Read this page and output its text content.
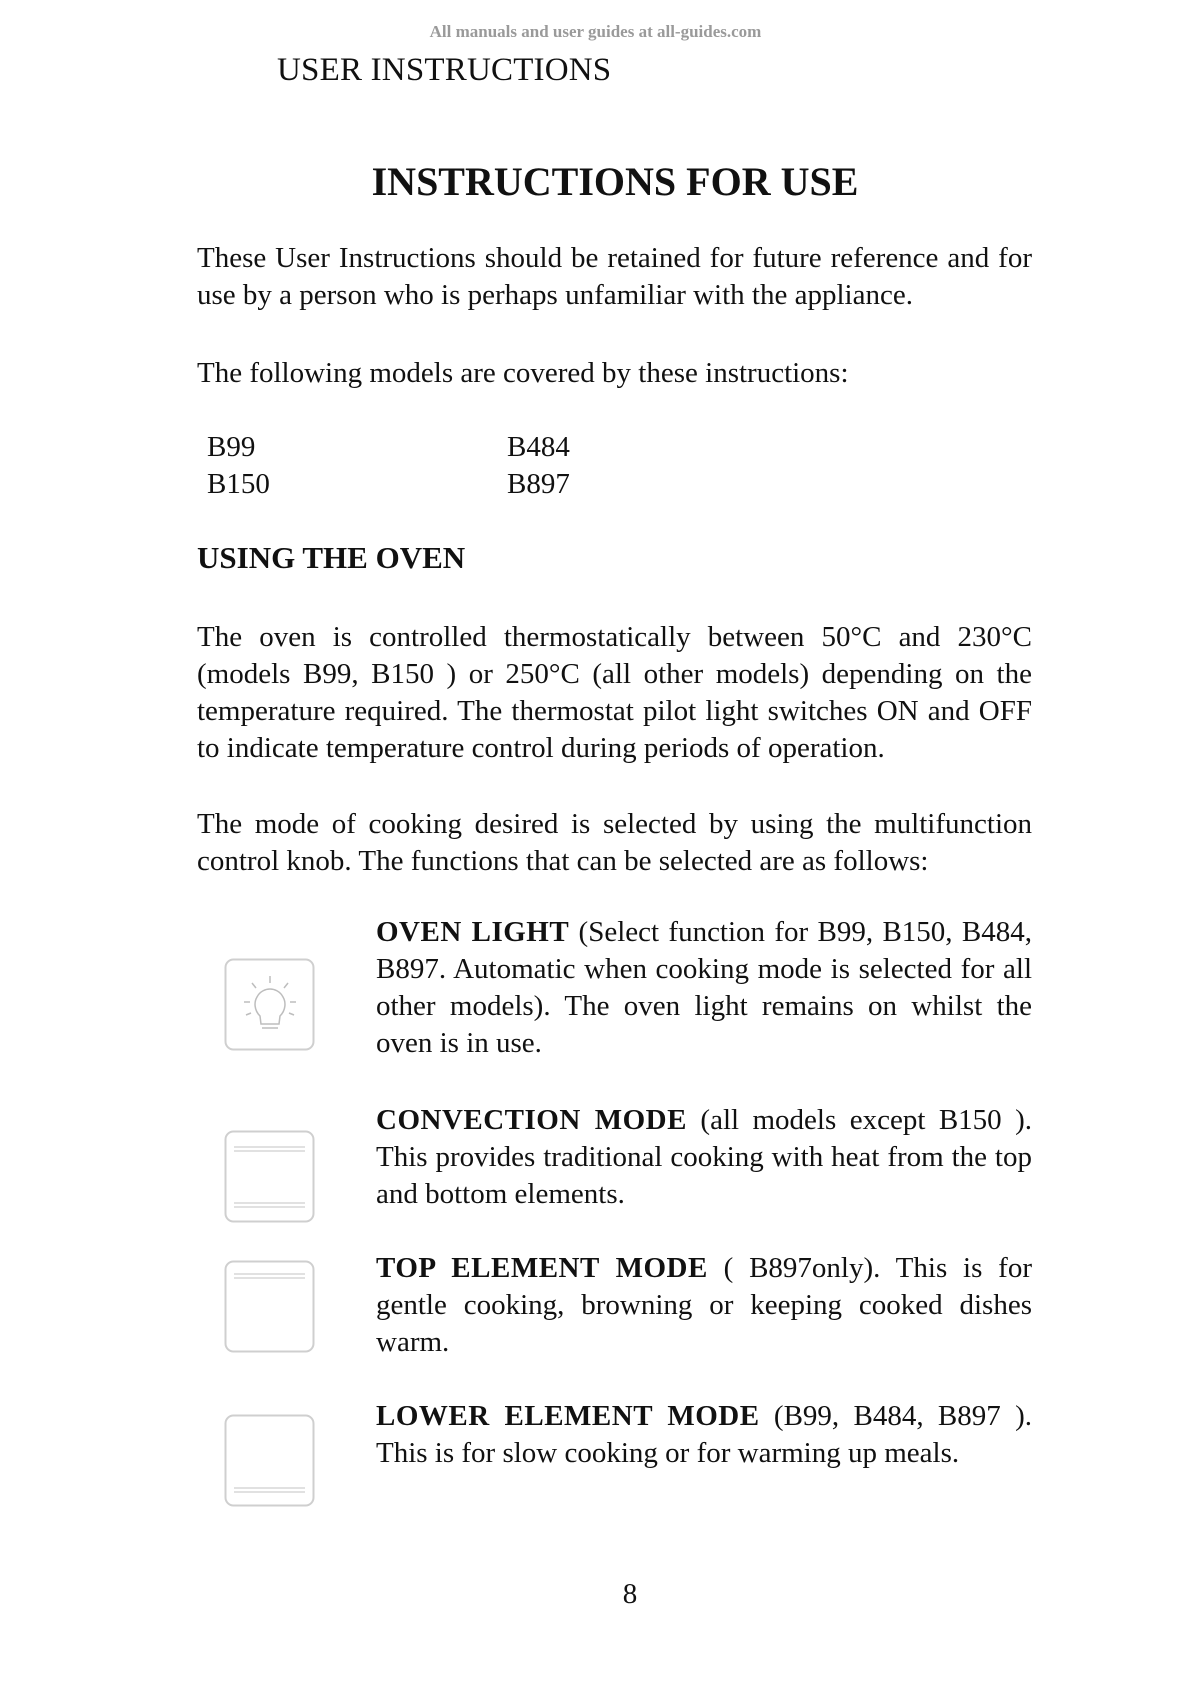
All manuals and user guides at all-guides.com
USER INSTRUCTIONS
INSTRUCTIONS FOR USE
These User Instructions should be retained for future reference and for use by a person who is perhaps unfamiliar with the appliance.
The following models are covered by these instructions:
B99	B484
B150	B897
USING THE OVEN
The oven is controlled thermostatically between 50°C and 230°C (models B99, B150 ) or 250°C (all other models) depending on the temperature required. The thermostat pilot light switches ON and OFF to indicate temperature control during periods of operation.
The mode of cooking desired is selected by using the multifunction control knob. The functions that can be selected are as follows:
OVEN LIGHT (Select function for B99, B150, B484, B897. Automatic when cooking mode is selected for all other models). The oven light remains on whilst the oven is in use.
CONVECTION MODE (all models except B150 ). This provides traditional cooking with heat from the top and bottom elements.
TOP ELEMENT MODE ( B897only). This is for gentle cooking, browning or keeping cooked dishes warm.
LOWER ELEMENT MODE (B99, B484, B897 ). This is for slow cooking or for warming up meals.
8
